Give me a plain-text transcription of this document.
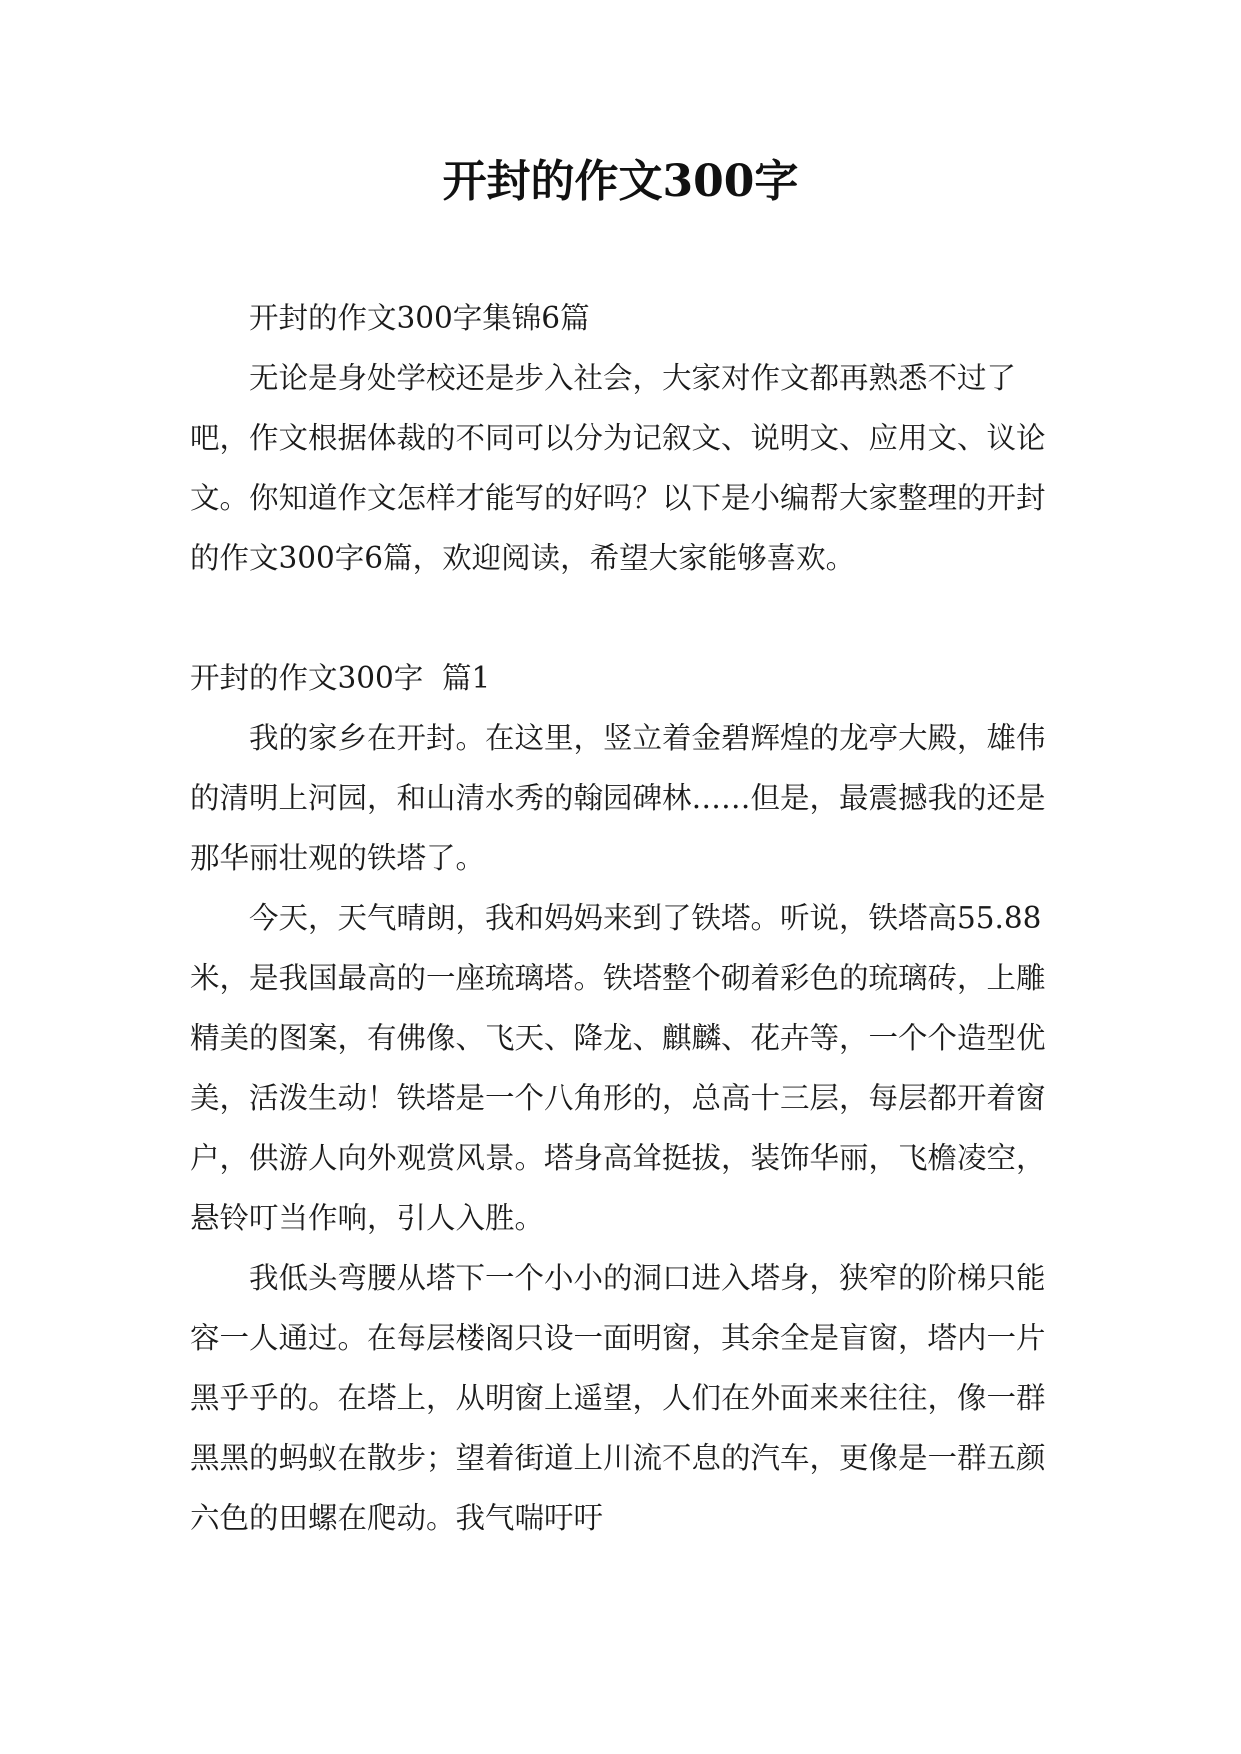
开封的作文300字

开封的作文300字集锦6篇

无论是身处学校还是步入社会，大家对作文都再熟悉不过了吧，作文根据体裁的不同可以分为记叙文、说明文、应用文、议论文。你知道作文怎样才能写的好吗？以下是小编帮大家整理的开封的作文300字6篇，欢迎阅读，希望大家能够喜欢。

开封的作文300字  篇1

我的家乡在开封。在这里，竖立着金碧辉煌的龙亭大殿，雄伟的清明上河园，和山清水秀的翰园碑林……但是，最震撼我的还是那华丽壮观的铁塔了。

今天，天气晴朗，我和妈妈来到了铁塔。听说，铁塔高55.88米，是我国最高的一座琉璃塔。铁塔整个砌着彩色的琉璃砖，上雕精美的图案，有佛像、飞天、降龙、麒麟、花卉等，一个个造型优美，活泼生动！铁塔是一个八角形的，总高十三层，每层都开着窗户，供游人向外观赏风景。塔身高耸挺拔，装饰华丽，飞檐凌空，悬铃叮当作响，引人入胜。

我低头弯腰从塔下一个小小的洞口进入塔身，狭窄的阶梯只能容一人通过。在每层楼阁只设一面明窗，其余全是盲窗，塔内一片黑乎乎的。在塔上，从明窗上遥望，人们在外面来来往往，像一群黑黑的蚂蚁在散步；望着街道上川流不息的汽车，更像是一群五颜六色的田螺在爬动。我气喘吁吁
